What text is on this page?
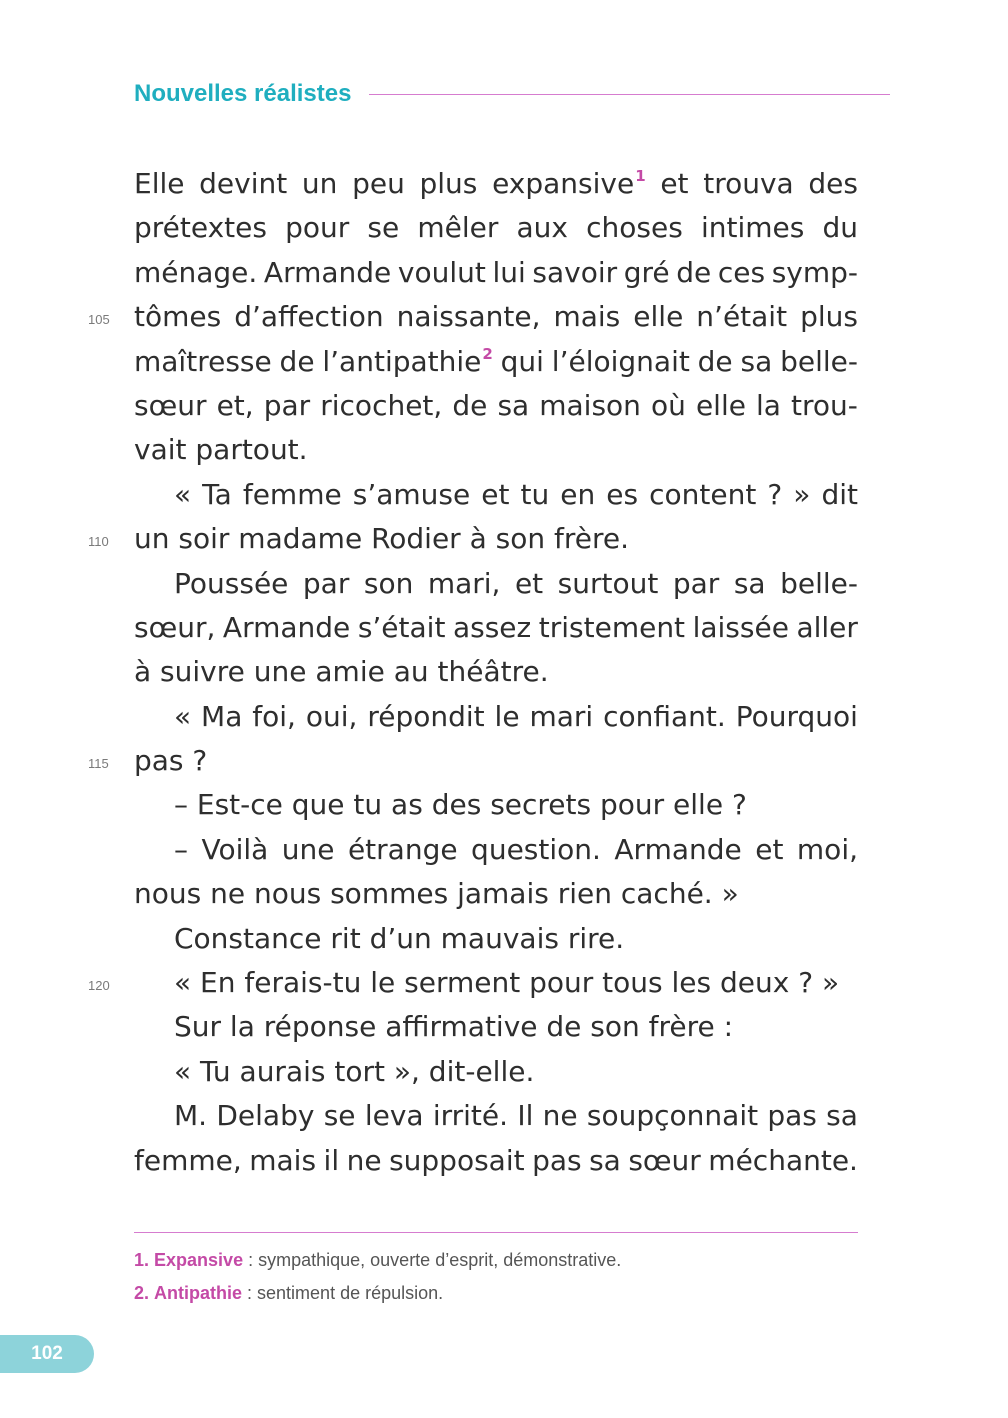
Nouvelles réalistes
Elle devint un peu plus expansive$^1$ et trouva des
prétextes pour se mêler aux choses intimes du
ménage. Armande voulut lui savoir gré de ces symp-
tômes d’affection naissante, mais elle n’était plus
maîtresse de l’antipathie$^2$ qui l’éloignait de sa belle-
sœur et, par ricochet, de sa maison où elle la trou-
vait partout.
« Ta femme s’amuse et tu en es content ? » dit
un soir madame Rodier à son frère.
Poussée par son mari, et surtout par sa belle-
sœur, Armande s’était assez tristement laissée aller
à suivre une amie au théâtre.
« Ma foi, oui, répondit le mari confiant. Pourquoi
pas ?
– Est-ce que tu as des secrets pour elle ?
– Voilà une étrange question. Armande et moi,
nous ne nous sommes jamais rien caché. »
Constance rit d’un mauvais rire.
« En ferais-tu le serment pour tous les deux ? »
Sur la réponse affirmative de son frère :
« Tu aurais tort », dit-elle.
M. Delaby se leva irrité. Il ne soupçonnait pas sa
femme, mais il ne supposait pas sa sœur méchante.
105
110
115
120
1. Expansive : sympathique, ouverte d’esprit, démonstrative.
2. Antipathie : sentiment de répulsion.
102
